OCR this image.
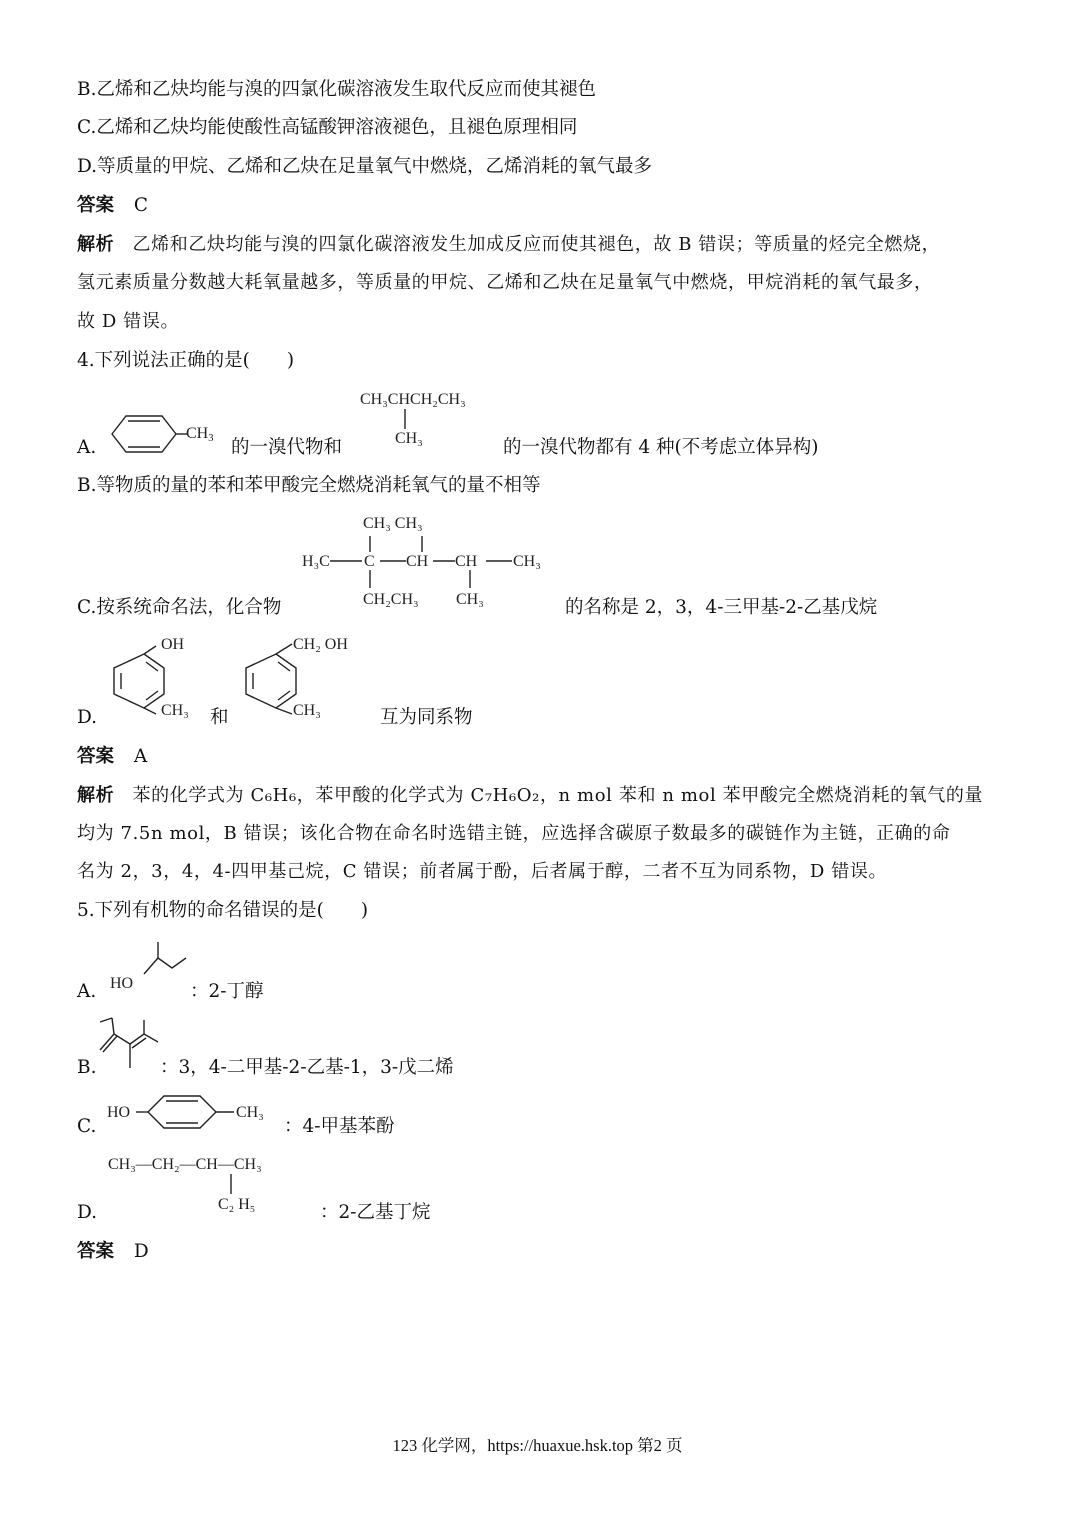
B.乙烯和乙炔均能与溴的四氯化碳溶液发生取代反应而使其褪色
C.乙烯和乙炔均能使酸性高锰酸钾溶液褪色，且褪色原理相同
D.等质量的甲烷、乙烯和乙炔在足量氧气中燃烧，乙烯消耗的氧气最多
答案 C
解析 乙烯和乙炔均能与溴的四氯化碳溶液发生加成反应而使其褪色，故 B 错误；等质量的烃完全燃烧，
氢元素质量分数越大耗氧量越多，等质量的甲烷、乙烯和乙炔在足量氧气中燃烧，甲烷消耗的氧气最多，
故 D 错误。
4.下列说法正确的是(　　)
A.
$CH_3$ 的一溴代物和
CH₃CHCH₂CH₃
CH₃	的一溴代物都有 4 种(不考虑立体异构)
B.等物质的量的苯和苯甲酸完全燃烧消耗氧气的量不相等
CH₃ CH₃
H₃C C CH CH CH₃
CH₂CH₃ CH₃
C.按系统命名法，化合物	的名称是 2，3，4-三甲基-2-乙基戊烷
D.
OH
CH₃ 和
CH₂ OH
CH₃	互为同系物
答案 A
解析 苯的化学式为 C₆H₆，苯甲酸的化学式为 C₇H₆O₂，n mol 苯和 n mol 苯甲酸完全燃烧消耗的氧气的量
均为 7.5n mol，B 错误；该化合物在命名时选错主链，应选择含碳原子数最多的碳链作为主链，正确的命
名为 2，3，4，4-四甲基己烷，C 错误；前者属于酚，后者属于醇，二者不互为同系物，D 错误。
5.下列有机物的命名错误的是(　　)
A. HO	：2-丁醇
B.	：3，4-二甲基-2-乙基-1，3-戊二烯
C.
HO	CH₃
：4-甲基苯酚
CH₃—CH₂—CH—CH₃
C₂ H₅
D.	：2-乙基丁烷
答案 D
123 化学网，https://huaxue.hsk.top 第2 页
